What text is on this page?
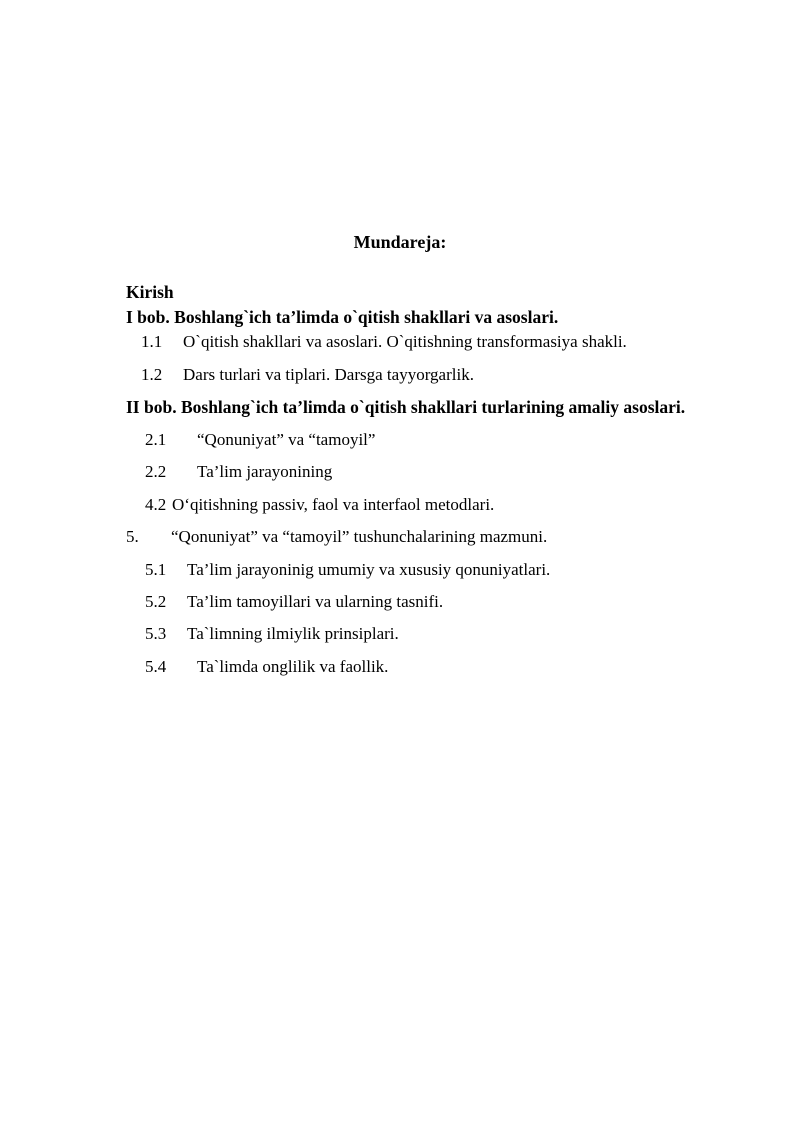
Mundareja:
Kirish
I bob. Boshlang`ich ta’limda o`qitish shakllari va asoslari.
1.1 O`qitish shakllari va asoslari. O`qitishning transformasiya shakli.
1.2 Dars turlari va tiplari. Darsga tayyorgarlik.
II bob. Boshlang`ich ta’limda o`qitish shakllari turlarining amaliy asoslari.
2.1 “Qonuniyat” va “tamoyil”
2.2 Ta’lim jarayonining
4.2 O‘qitishning passiv, faol va interfaol metodlari.
5. “Qonuniyat” va “tamoyil” tushunchalarining mazmuni.
5.1 Ta’lim jarayoninig umumiy va xususiy qonuniyatlari.
5.2 Ta’lim tamoyillari va ularning tasnifi.
5.3 Ta`limning ilmiylik prinsiplari.
5.4 Ta`limda onglilik va faollik.
